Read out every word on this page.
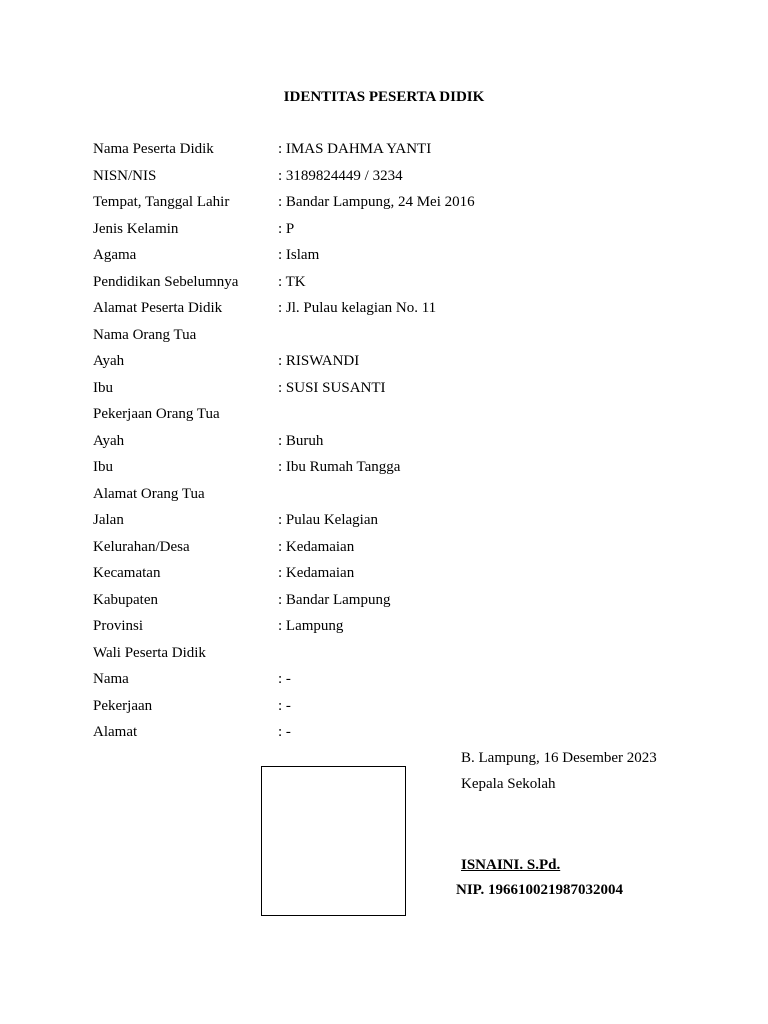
IDENTITAS PESERTA DIDIK
Nama Peserta Didik	: IMAS DAHMA YANTI
NISN/NIS	: 3189824449 / 3234
Tempat, Tanggal Lahir	: Bandar Lampung, 24 Mei 2016
Jenis Kelamin	: P
Agama	: Islam
Pendidikan Sebelumnya	: TK
Alamat Peserta Didik	: Jl. Pulau kelagian No. 11
Nama Orang Tua
Ayah	: RISWANDI
Ibu	: SUSI SUSANTI
Pekerjaan Orang Tua
Ayah	: Buruh
Ibu	: Ibu Rumah Tangga
Alamat Orang Tua
Jalan	: Pulau Kelagian
Kelurahan/Desa	: Kedamaian
Kecamatan	: Kedamaian
Kabupaten	: Bandar Lampung
Provinsi	: Lampung
Wali Peserta Didik
Nama	: -
Pekerjaan	: -
Alamat	: -
B. Lampung, 16 Desember 2023
Kepala Sekolah
ISNAINI. S.Pd.
NIP. 196610021987032004
